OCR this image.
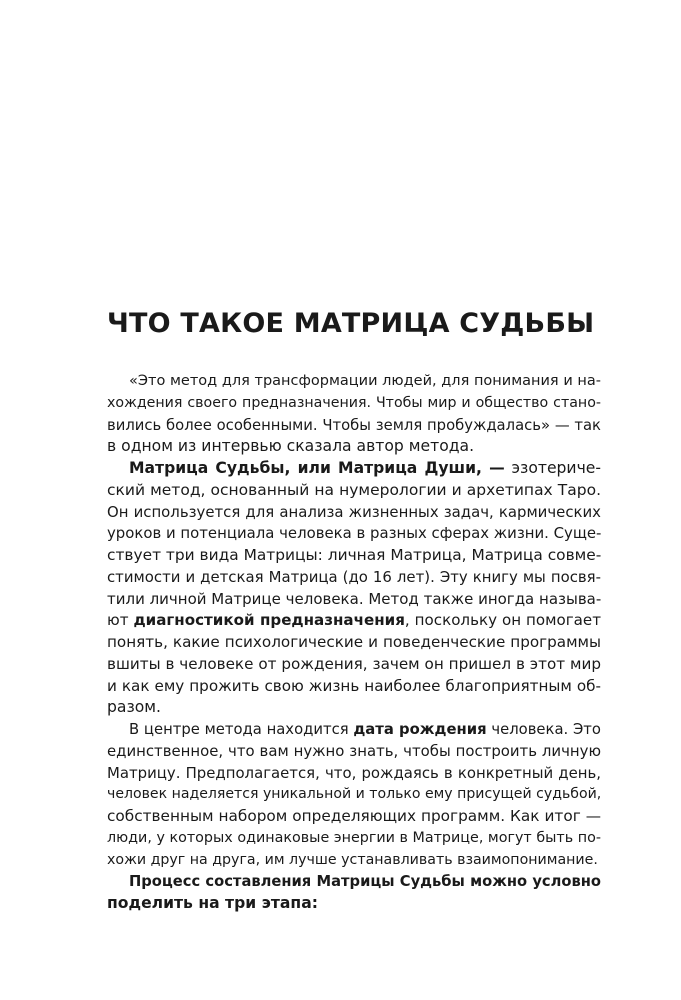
ЧТО ТАКОЕ МАТРИЦА СУДЬБЫ
«Это метод для трансформации людей, для понимания и на-
хождения своего предназначения. Чтобы мир и общество стано-
вились более особенными. Чтобы земля пробуждалась» — так
в одном из интервью сказала автор метода.
Матрица Судьбы, или Матрица Души, — эзотериче-
ский метод, основанный на нумерологии и архетипах Таро.
Он используется для анализа жизненных задач, кармических
уроков и потенциала человека в разных сферах жизни. Суще-
ствует три вида Матрицы: личная Матрица, Матрица совме-
стимости и детская Матрица (до 16 лет). Эту книгу мы посвя-
тили личной Матрице человека. Метод также иногда называ-
ют диагностикой предназначения, поскольку он помогает
понять, какие психологические и поведенческие программы
вшиты в человеке от рождения, зачем он пришел в этот мир
и как ему прожить свою жизнь наиболее благоприятным об-
разом.
В центре метода находится дата рождения человека. Это
единственное, что вам нужно знать, чтобы построить личную
Матрицу. Предполагается, что, рождаясь в конкретный день,
человек наделяется уникальной и только ему присущей судьбой,
собственным набором определяющих программ. Как итог —
люди, у которых одинаковые энергии в Матрице, могут быть по-
хожи друг на друга, им лучше устанавливать взаимопонимание.
Процесс составления Матрицы Судьбы можно условно
поделить на три этапа:
